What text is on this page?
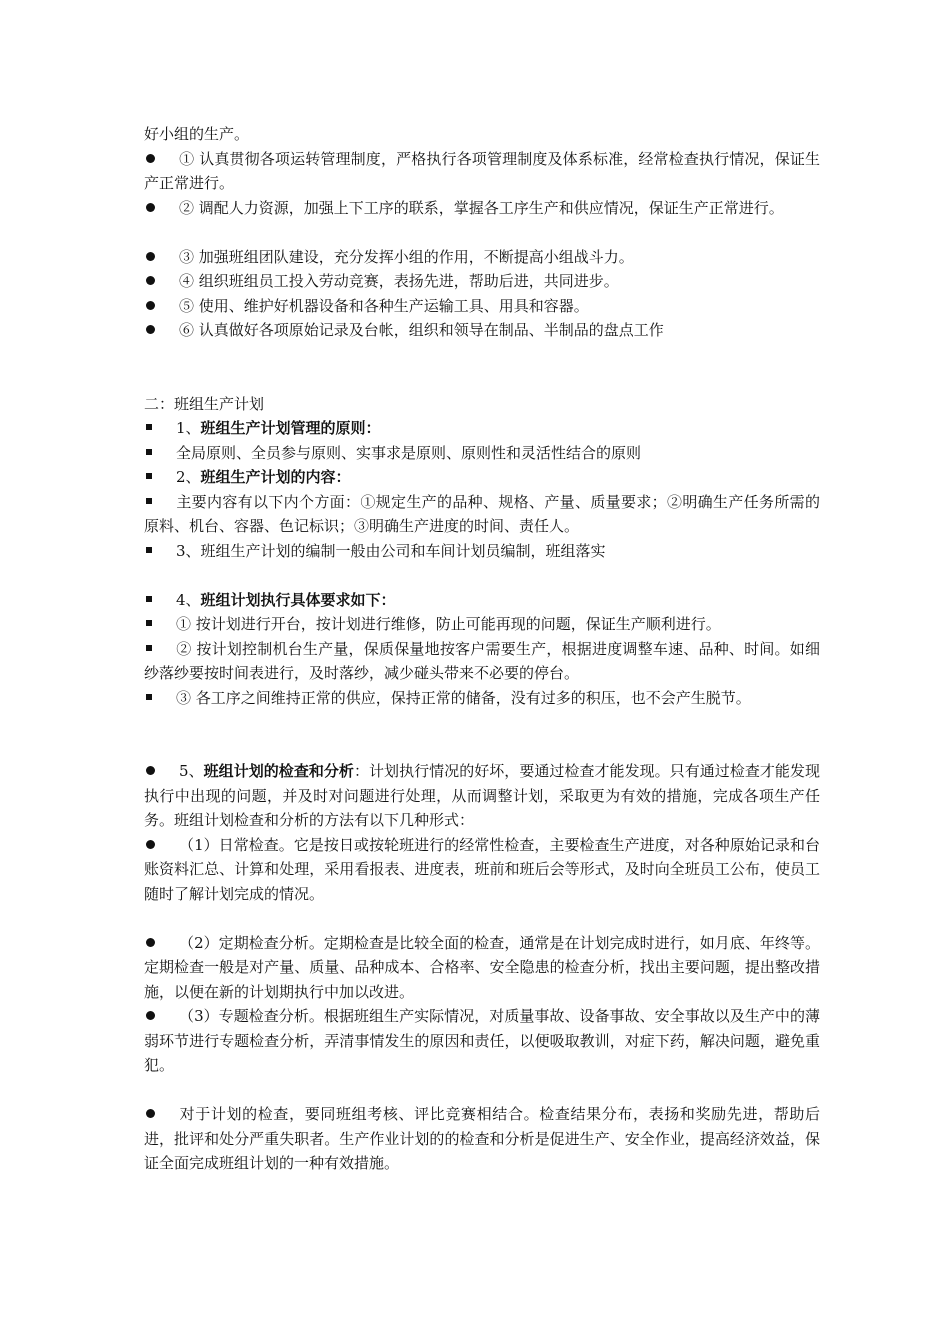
好小组的生产。

① 认真贯彻各项运转管理制度，严格执行各项管理制度及体系标准，经常检查执行情况，保证生产正常进行。

② 调配人力资源，加强上下工序的联系，掌握各工序生产和供应情况，保证生产正常进行。

③ 加强班组团队建设，充分发挥小组的作用，不断提高小组战斗力。

④ 组织班组员工投入劳动竞赛，表扬先进，帮助后进，共同进步。

⑤ 使用、维护好机器设备和各种生产运输工具、用具和容器。

⑥ 认真做好各项原始记录及台帐，组织和领导在制品、半制品的盘点工作

二：班组生产计划

1、班组生产计划管理的原则：

全局原则、全员参与原则、实事求是原则、原则性和灵活性结合的原则

2、班组生产计划的内容：

主要内容有以下内个方面：①规定生产的品种、规格、产量、质量要求；②明确生产任务所需的原料、机台、容器、色记标识；③明确生产进度的时间、责任人。

3、班组生产计划的编制一般由公司和车间计划员编制，班组落实

4、班组计划执行具体要求如下：

① 按计划进行开台，按计划进行维修，防止可能再现的问题，保证生产顺利进行。

② 按计划控制机台生产量，保质保量地按客户需要生产，根据进度调整车速、品种、时间。如细纱落纱要按时间表进行，及时落纱，减少碰头带来不必要的停台。

③ 各工序之间维持正常的供应，保持正常的储备，没有过多的积压，也不会产生脱节。

5、班组计划的检查和分析：计划执行情况的好坏，要通过检查才能发现。只有通过检查才能发现执行中出现的问题，并及时对问题进行处理，从而调整计划，采取更为有效的措施，完成各项生产任务。班组计划检查和分析的方法有以下几种形式：

（1）日常检查。它是按日或按轮班进行的经常性检查，主要检查生产进度，对各种原始记录和台账资料汇总、计算和处理，采用看报表、进度表，班前和班后会等形式，及时向全班员工公布，使员工随时了解计划完成的情况。

（2）定期检查分析。定期检查是比较全面的检查，通常是在计划完成时进行，如月底、年终等。定期检查一般是对产量、质量、品种成本、合格率、安全隐患的检查分析，找出主要问题，提出整改措施，以便在新的计划期执行中加以改进。

（3）专题检查分析。根据班组生产实际情况，对质量事故、设备事故、安全事故以及生产中的薄弱环节进行专题检查分析，弄清事情发生的原因和责任，以便吸取教训，对症下药，解决问题，避免重犯。

对于计划的检查，要同班组考核、评比竞赛相结合。检查结果分布，表扬和奖励先进，帮助后进，批评和处分严重失职者。生产作业计划的的检查和分析是促进生产、安全作业，提高经济效益，保证全面完成班组计划的一种有效措施。
